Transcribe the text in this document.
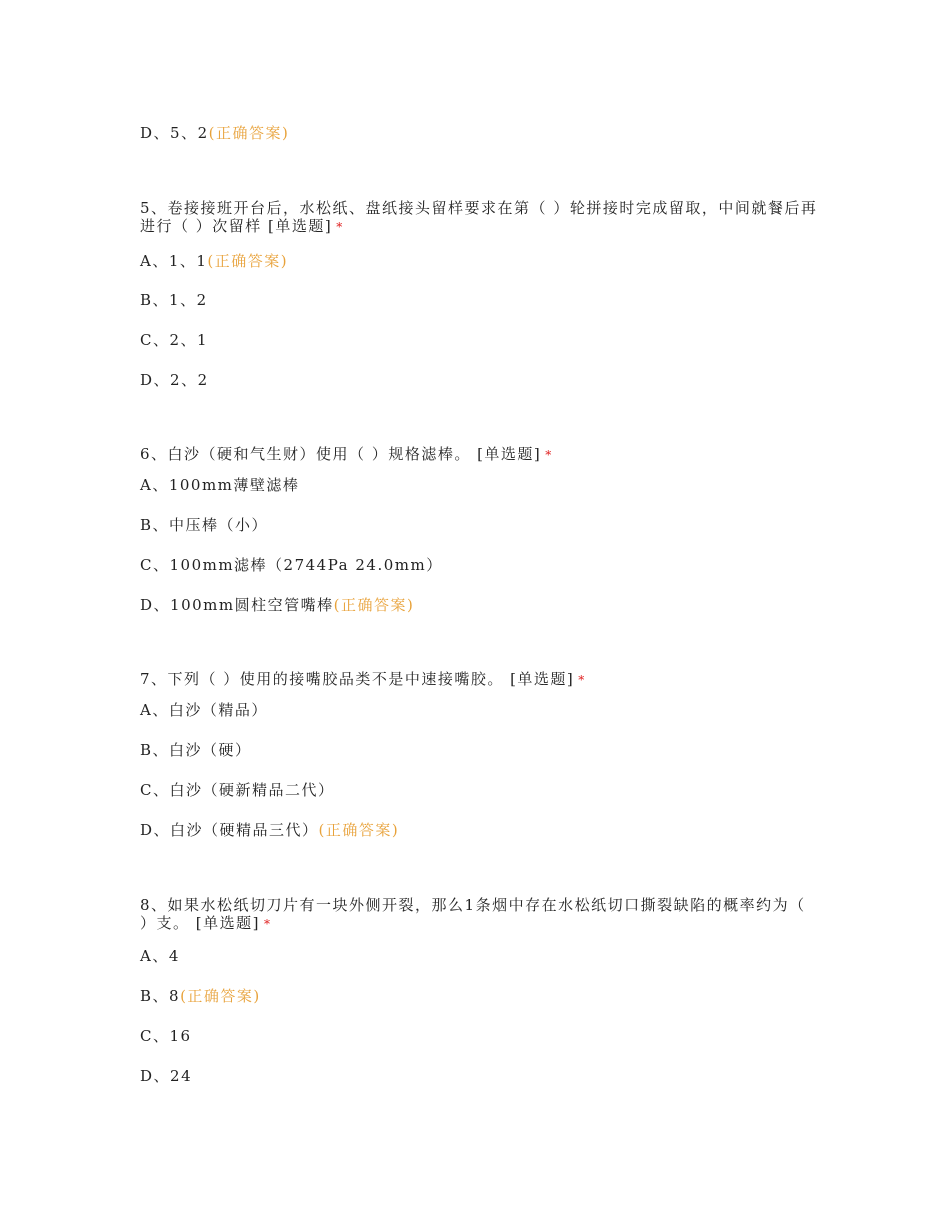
D、5、2(正确答案)
5、卷接接班开台后，水松纸、盘纸接头留样要求在第（ ）轮拼接时完成留取，中间就餐后再进行（ ）次留样 [单选题] *
A、1、1(正确答案)
B、1、2
C、2、1
D、2、2
6、白沙（硬和气生财）使用（ ）规格滤棒。 [单选题] *
A、100mm薄壁滤棒
B、中压棒（小）
C、100mm滤棒（2744Pa 24.0mm）
D、100mm圆柱空管嘴棒(正确答案)
7、下列（ ）使用的接嘴胶品类不是中速接嘴胶。 [单选题] *
A、白沙（精品）
B、白沙（硬）
C、白沙（硬新精品二代）
D、白沙（硬精品三代）(正确答案)
8、如果水松纸切刀片有一块外侧开裂，那么1条烟中存在水松纸切口撕裂缺陷的概率约为（ ）支。 [单选题] *
A、4
B、8(正确答案)
C、16
D、24
